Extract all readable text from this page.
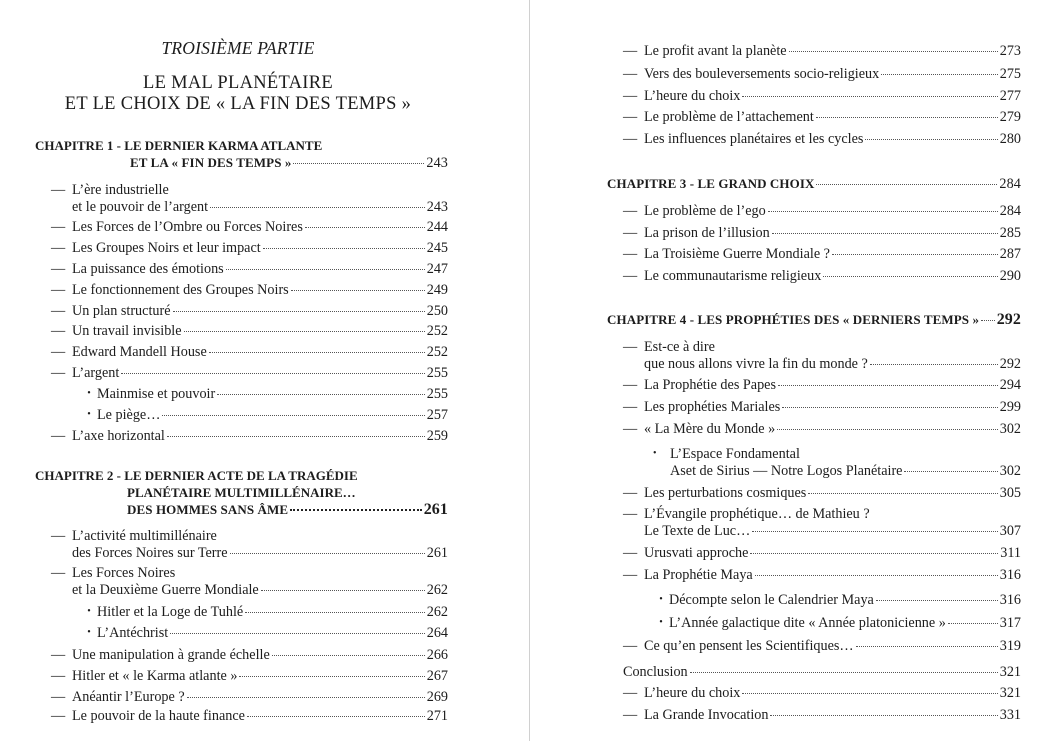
TROISIÈME PARTIE
LE MAL PLANÉTAIRE
ET LE CHOIX DE « LA FIN DES TEMPS »
CHAPITRE 1 - LE DERNIER KARMA ATLANTE
ET LA « FIN DES TEMPS »	243
— L’ère industrielle
et le pouvoir de l’argent	243
— Les Forces de l’Ombre ou Forces Noires	244
— Les Groupes Noirs et leur impact	245
— La puissance des émotions	247
— Le fonctionnement des Groupes Noirs	249
— Un plan structuré	250
— Un travail invisible	252
— Edward Mandell House	252
— L’argent	255
• Mainmise et pouvoir	255
• Le piège…	257
— L’axe horizontal	259
CHAPITRE 2 - LE DERNIER ACTE DE LA TRAGÉDIE
PLANÉTAIRE MULTIMILLÉNAIRE…
DES HOMMES SANS ÂME	261
— L’activité multimillénaire
des Forces Noires sur Terre	261
— Les Forces Noires
et la Deuxième Guerre Mondiale	262
• Hitler et la Loge de Tuhlé	262
• L’Antéchrist	264
— Une manipulation à grande échelle	266
— Hitler et « le Karma atlante »	267
— Anéantir l’Europe ?	269
— Le pouvoir de la haute finance	271
— Le profit avant la planète	273
— Vers des bouleversements socio-religieux	275
— L’heure du choix	277
— Le problème de l’attachement	279
— Les influences planétaires et les cycles	280
CHAPITRE 3 - LE GRAND CHOIX	284
— Le problème de l’ego	284
— La prison de l’illusion	285
— La Troisième Guerre Mondiale ?	287
— Le communautarisme religieux	290
CHAPITRE 4 - LES PROPHÉTIES DES « DERNIERS TEMPS » 292
— Est-ce à dire
que nous allons vivre la fin du monde ?	292
— La Prophétie des Papes	294
— Les prophéties Mariales	299
— « La Mère du Monde »	302
• L’Espace Fondamental
Aset de Sirius — Notre Logos Planétaire	302
— Les perturbations cosmiques	305
— L’Évangile prophétique… de Mathieu ?
Le Texte de Luc…	307
— Urusvati approche	311
— La Prophétie Maya	316
• Décompte selon le Calendrier Maya	316
• L’Année galactique dite « Année platonicienne »	317
— Ce qu’en pensent les Scientifiques…	319
Conclusion	321
— L’heure du choix	321
— La Grande Invocation	331
